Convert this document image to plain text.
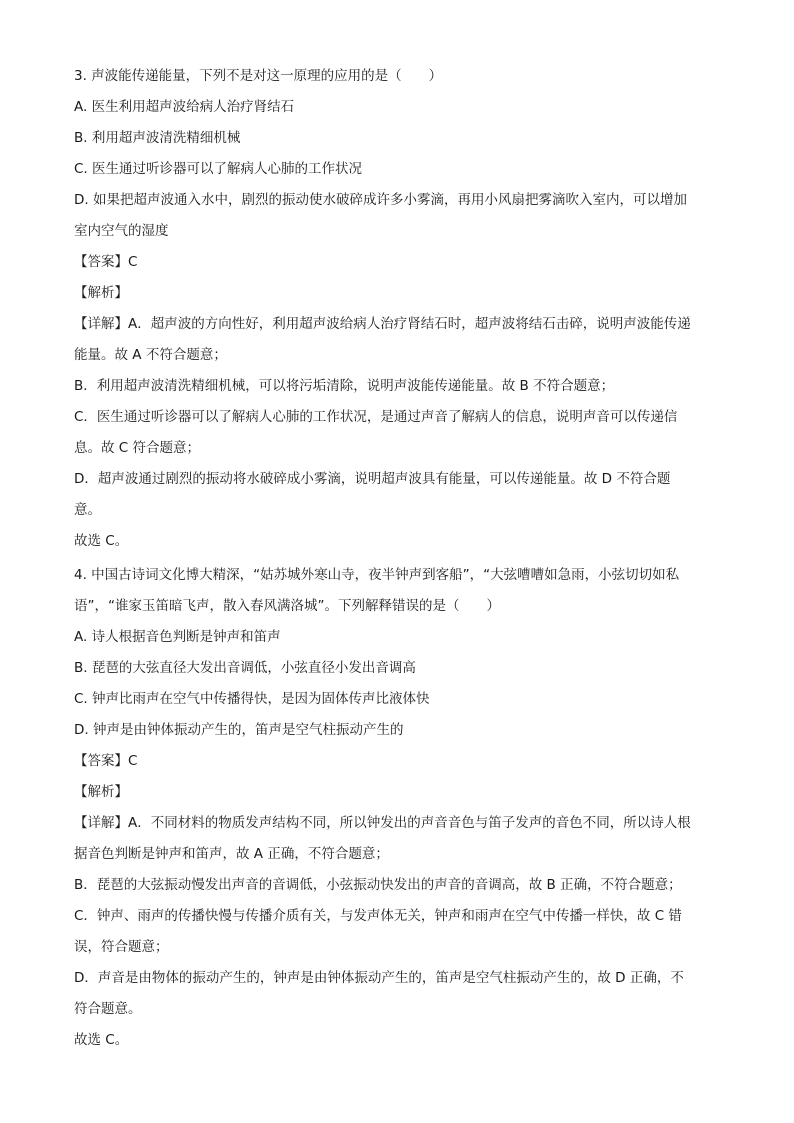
3. 声波能传递能量，下列不是对这一原理的应用的是（　　）

A. 医生利用超声波给病人治疗肾结石

B. 利用超声波清洗精细机械

C. 医生通过听诊器可以了解病人心肺的工作状况

D. 如果把超声波通入水中，剧烈的振动使水破碎成许多小雾滴，再用小风扇把雾滴吹入室内，可以增加

室内空气的湿度

【答案】C

【解析】

【详解】A．超声波的方向性好，利用超声波给病人治疗肾结石时，超声波将结石击碎，说明声波能传递

能量。故 A 不符合题意；

B．利用超声波清洗精细机械，可以将污垢清除，说明声波能传递能量。故 B 不符合题意；

C．医生通过听诊器可以了解病人心肺的工作状况，是通过声音了解病人的信息，说明声音可以传递信

息。故 C 符合题意；

D．超声波通过剧烈的振动将水破碎成小雾滴，说明超声波具有能量，可以传递能量。故 D 不符合题

意。

故选 C。

4. 中国古诗词文化博大精深，“姑苏城外寒山寺，夜半钟声到客船”，“大弦嘈嘈如急雨，小弦切切如私

语”，“谁家玉笛暗飞声，散入春风满洛城”。下列解释错误的是（　　）

A. 诗人根据音色判断是钟声和笛声

B. 琵琶的大弦直径大发出音调低，小弦直径小发出音调高

C. 钟声比雨声在空气中传播得快，是因为固体传声比液体快

D. 钟声是由钟体振动产生的，笛声是空气柱振动产生的

【答案】C

【解析】

【详解】A．不同材料的物质发声结构不同，所以钟发出的声音音色与笛子发声的音色不同，所以诗人根

据音色判断是钟声和笛声，故 A 正确，不符合题意；

B．琵琶的大弦振动慢发出声音的音调低，小弦振动快发出的声音的音调高，故 B 正确，不符合题意；

C．钟声、雨声的传播快慢与传播介质有关，与发声体无关，钟声和雨声在空气中传播一样快，故 C 错

误，符合题意；

D．声音是由物体的振动产生的，钟声是由钟体振动产生的，笛声是空气柱振动产生的，故 D 正确，不

符合题意。

故选 C。
